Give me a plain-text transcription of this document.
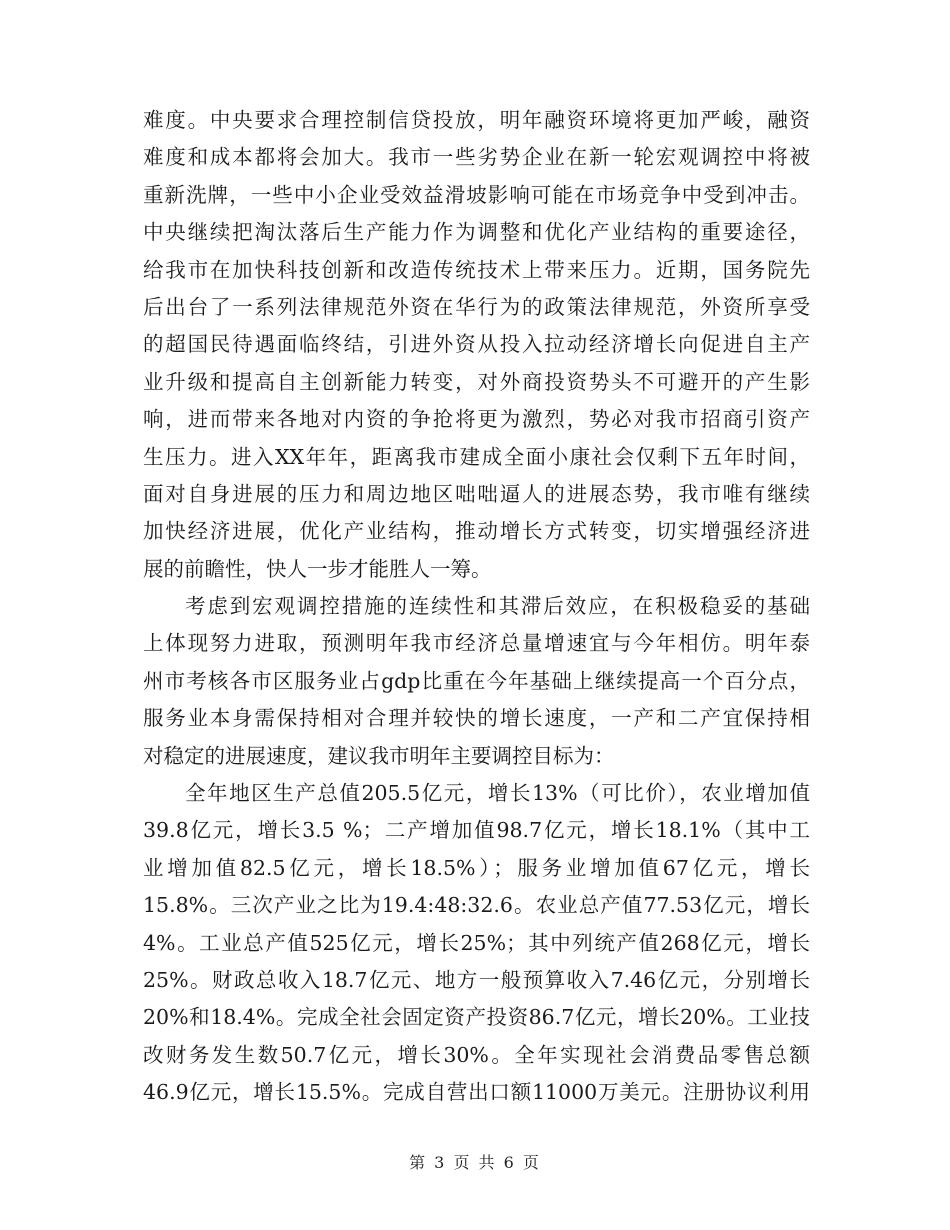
难度。中央要求合理控制信贷投放，明年融资环境将更加严峻，融资
难度和成本都将会加大。我市一些劣势企业在新一轮宏观调控中将被
重新洗牌，一些中小企业受效益滑坡影响可能在市场竞争中受到冲击。
中央继续把淘汰落后生产能力作为调整和优化产业结构的重要途径，
给我市在加快科技创新和改造传统技术上带来压力。近期，国务院先
后出台了一系列法律规范外资在华行为的政策法律规范，外资所享受
的超国民待遇面临终结，引进外资从投入拉动经济增长向促进自主产
业升级和提高自主创新能力转变，对外商投资势头不可避开的产生影
响，进而带来各地对内资的争抢将更为激烈，势必对我市招商引资产
生压力。进入XX年年，距离我市建成全面小康社会仅剩下五年时间，
面对自身进展的压力和周边地区咄咄逼人的进展态势，我市唯有继续
加快经济进展，优化产业结构，推动增长方式转变，切实增强经济进
展的前瞻性，快人一步才能胜人一筹。
考虑到宏观调控措施的连续性和其滞后效应，在积极稳妥的基础
上体现努力进取，预测明年我市经济总量增速宜与今年相仿。明年泰
州市考核各市区服务业占gdp比重在今年基础上继续提高一个百分点，
服务业本身需保持相对合理并较快的增长速度，一产和二产宜保持相
对稳定的进展速度，建议我市明年主要调控目标为：
全年地区生产总值205.5亿元，增长13%（可比价），农业增加值
39.8亿元，增长3.5 %；二产增加值98.7亿元，增长18.1%（其中工
业增加值82.5亿元，增长18.5%）；服务业增加值67亿元，增长
15.8%。三次产业之比为19.4:48:32.6。农业总产值77.53亿元，增长
4%。工业总产值525亿元，增长25%；其中列统产值268亿元，增长
25%。财政总收入18.7亿元、地方一般预算收入7.46亿元，分别增长
20%和18.4%。完成全社会固定资产投资86.7亿元，增长20%。工业技
改财务发生数50.7亿元，增长30%。全年实现社会消费品零售总额
46.9亿元，增长15.5%。完成自营出口额11000万美元。注册协议利用
第 3 页 共 6 页
